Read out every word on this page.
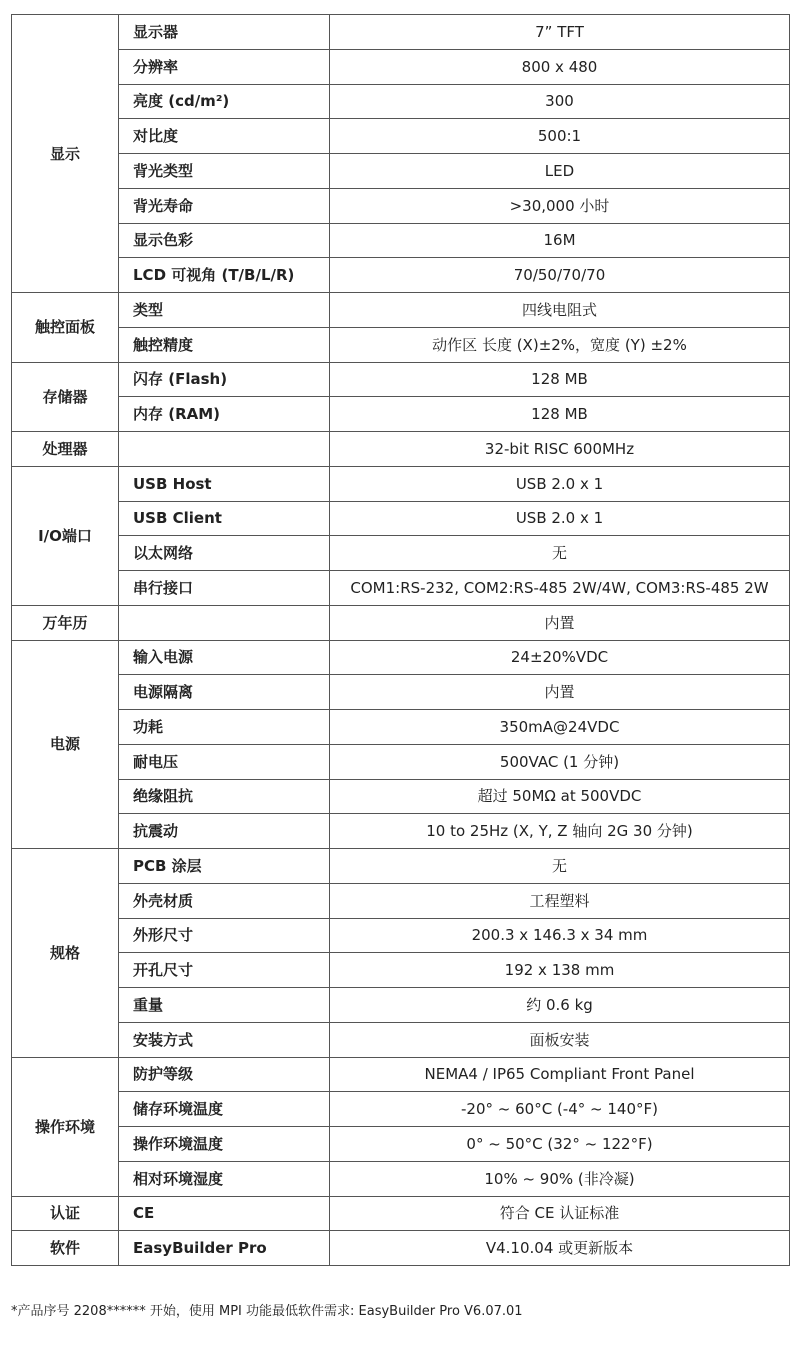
显示	显示器	7” TFT
	分辨率	800 x 480
	亮度 (cd/m²)	300
	对比度	500:1
	背光类型	LED
	背光寿命	>30,000 小时
	显示色彩	16M
	LCD 可视角 (T/B/L/R)	70/50/70/70
触控面板	类型	四线电阻式
	触控精度	动作区 长度 (X)±2%，宽度 (Y) ±2%
存储器	闪存 (Flash)	128 MB
	内存 (RAM)	128 MB
处理器		32-bit RISC 600MHz
I/O端口	USB Host	USB 2.0 x 1
	USB Client	USB 2.0 x 1
	以太网络	无
	串行接口	COM1:RS-232, COM2:RS-485 2W/4W, COM3:RS-485 2W
万年历		内置
电源	输入电源	24±20%VDC
	电源隔离	内置
	功耗	350mA@24VDC
	耐电压	500VAC (1 分钟)
	绝缘阻抗	超过 50MΩ at 500VDC
	抗震动	10 to 25Hz (X, Y, Z 轴向 2G 30 分钟)
规格	PCB 涂层	无
	外壳材质	工程塑料
	外形尺寸	200.3 x 146.3 x 34 mm
	开孔尺寸	192 x 138 mm
	重量	约 0.6 kg
	安装方式	面板安装
操作环境	防护等级	NEMA4 / IP65 Compliant Front Panel
	储存环境温度	-20° ~ 60°C (-4° ~ 140°F)
	操作环境温度	0° ~ 50°C (32° ~ 122°F)
	相对环境湿度	10% ~ 90% (非冷凝)
认证	CE	符合 CE 认证标准
软件	EasyBuilder Pro	V4.10.04 或更新版本
*产品序号 2208****** 开始，使用 MPI 功能最低软件需求: EasyBuilder Pro V6.07.01
